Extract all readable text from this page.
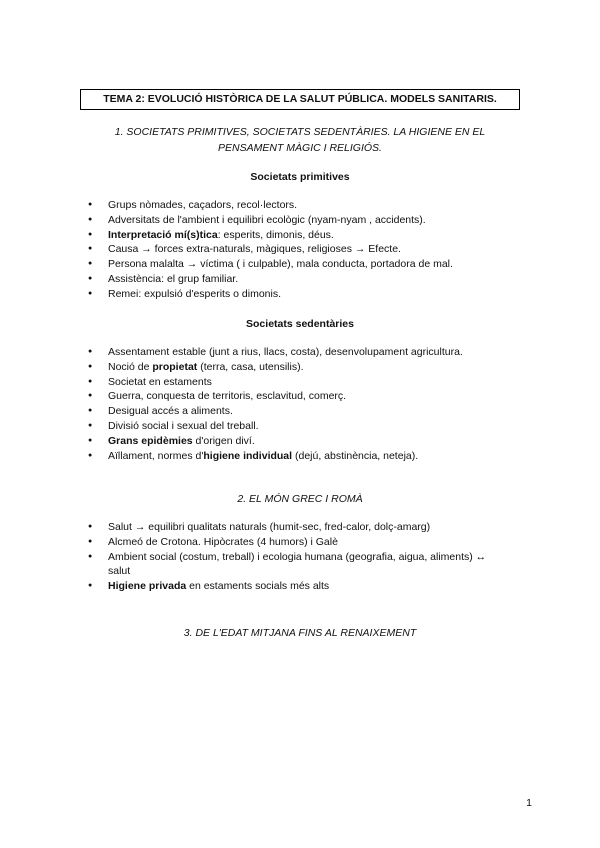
TEMA 2: EVOLUCIÓ HISTÒRICA DE LA SALUT PÚBLICA. MODELS SANITARIS.
1. SOCIETATS PRIMITIVES, SOCIETATS SEDENTÀRIES. LA HIGIENE EN EL
PENSAMENT MÀGIC I RELIGIÓS.
Societats primitives
● Grups nòmades, caçadors, recol·lectors.
● Adversitats de l'ambient i equilibri ecològic (nyam-nyam , accidents).
● Interpretació mí(s)tica: esperits, dimonis, déus.
● Causa → forces extra-naturals, màgiques, religioses → Efecte.
● Persona malalta → víctima ( i culpable), mala conducta, portadora de mal.
● Assistència: el grup familiar.
● Remei: expulsió d'esperits o dimonis.
Societats sedentàries
● Assentament estable (junt a rius, llacs, costa), desenvolupament agricultura.
● Noció de propietat (terra, casa, utensilis).
● Societat en estaments
● Guerra, conquesta de territoris, esclavitud, comerç.
● Desigual accés a aliments.
● Divisió social i sexual del treball.
● Grans epidèmies d'origen diví.
● Aïllament, normes d'higiene individual (dejú, abstinència, neteja).
2. EL MÓN GREC I ROMÀ
● Salut → equilibri qualitats naturals (humit-sec, fred-calor, dolç-amarg)
● Alcmeó de Crotona. Hipòcrates (4 humors) i Galè
● Ambient social (costum, treball) i ecologia humana (geografia, aigua, aliments) ↔ salut
● Higiene privada en estaments socials més alts
3. DE L'EDAT MITJANA FINS AL RENAIXEMENT
1
